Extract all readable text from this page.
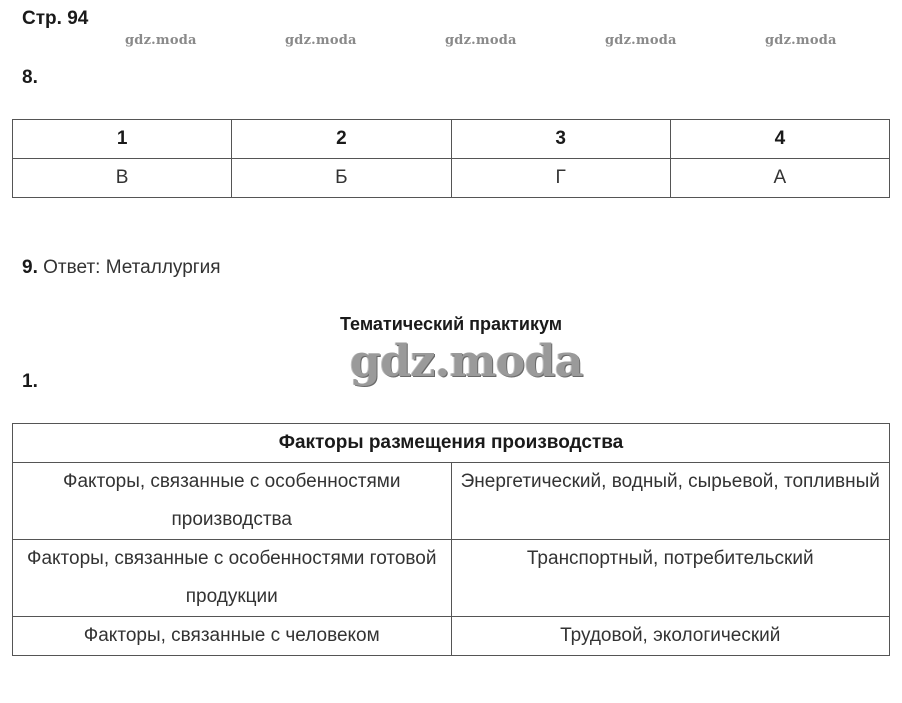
Стр. 94
gdz.moda	gdz.moda	gdz.moda	gdz.moda	gdz.moda
8.
1	2	3	4
В	Б	Г	А
9. Ответ: Металлургия
Тематический практикум
gdz.moda
1.
Факторы размещения производства	
Факторы, связанные с особенностями производства	Энергетический, водный, сырьевой, топливный
Факторы, связанные с особенностями готовой продукции	Транспортный, потребительский
Факторы, связанные с человеком	Трудовой, экологический
